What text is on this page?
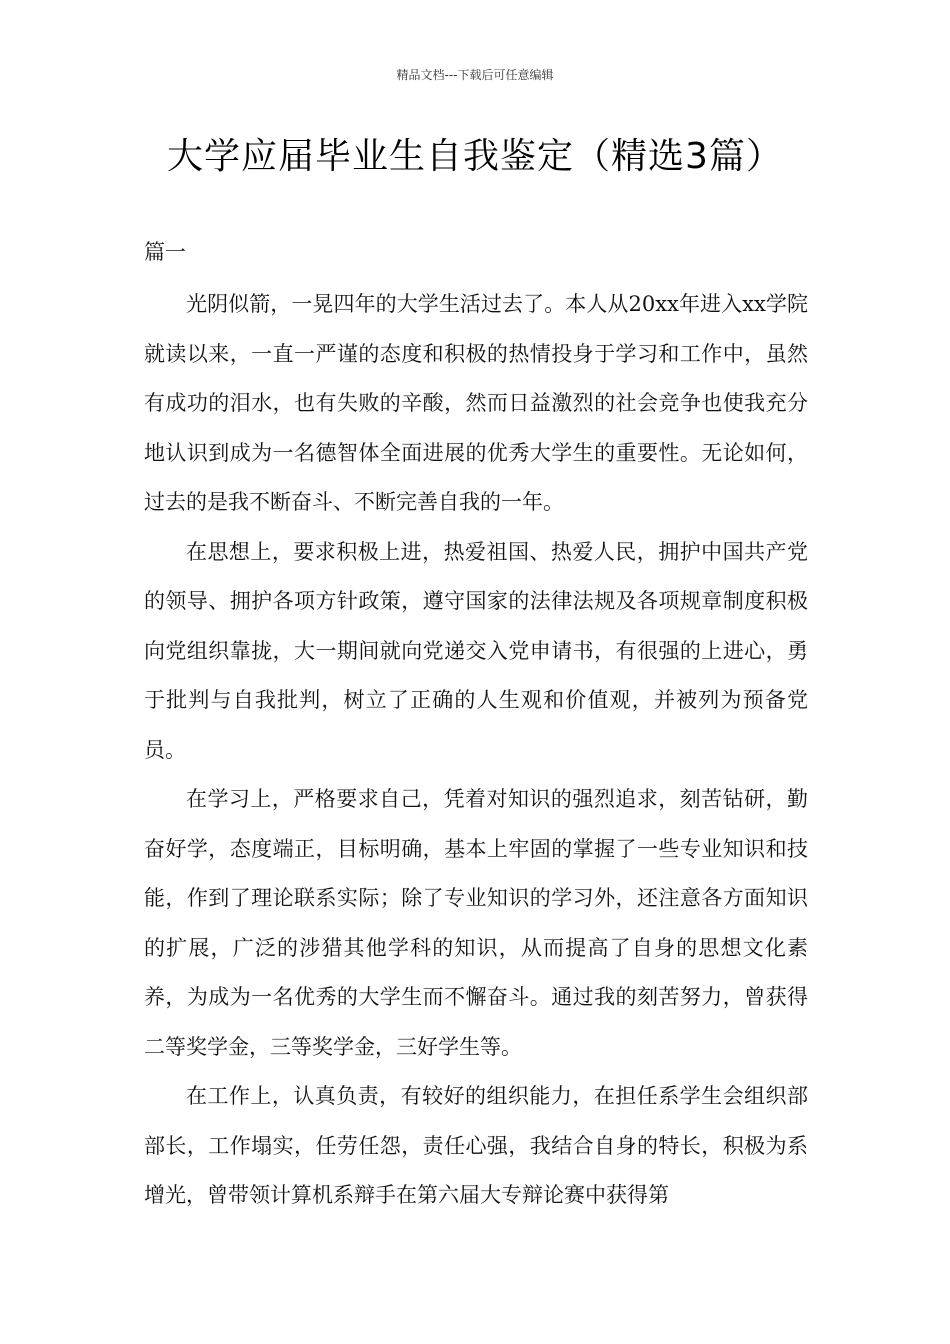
精品文档---下载后可任意编辑
大学应届毕业生自我鉴定（精选3篇）
篇一

光阴似箭，一晃四年的大学生活过去了。本人从20xx年进入xx学院就读以来，一直一严谨的态度和积极的热情投身于学习和工作中，虽然有成功的泪水，也有失败的辛酸，然而日益激烈的社会竞争也使我充分地认识到成为一名德智体全面进展的优秀大学生的重要性。无论如何，过去的是我不断奋斗、不断完善自我的一年。

在思想上，要求积极上进，热爱祖国、热爱人民，拥护中国共产党的领导、拥护各项方针政策，遵守国家的法律法规及各项规章制度积极向党组织靠拢，大一期间就向党递交入党申请书，有很强的上进心，勇于批判与自我批判，树立了正确的人生观和价值观，并被列为预备党员。

在学习上，严格要求自己，凭着对知识的强烈追求，刻苦钻研，勤奋好学，态度端正，目标明确，基本上牢固的掌握了一些专业知识和技能，作到了理论联系实际；除了专业知识的学习外，还注意各方面知识的扩展，广泛的涉猎其他学科的知识，从而提高了自身的思想文化素养，为成为一名优秀的大学生而不懈奋斗。通过我的刻苦努力，曾获得二等奖学金，三等奖学金，三好学生等。

在工作上，认真负责，有较好的组织能力，在担任系学生会组织部部长，工作塌实，任劳任怨，责任心强，我结合自身的特长，积极为系增光，曾带领计算机系辩手在第六届大专辩论赛中获得第
